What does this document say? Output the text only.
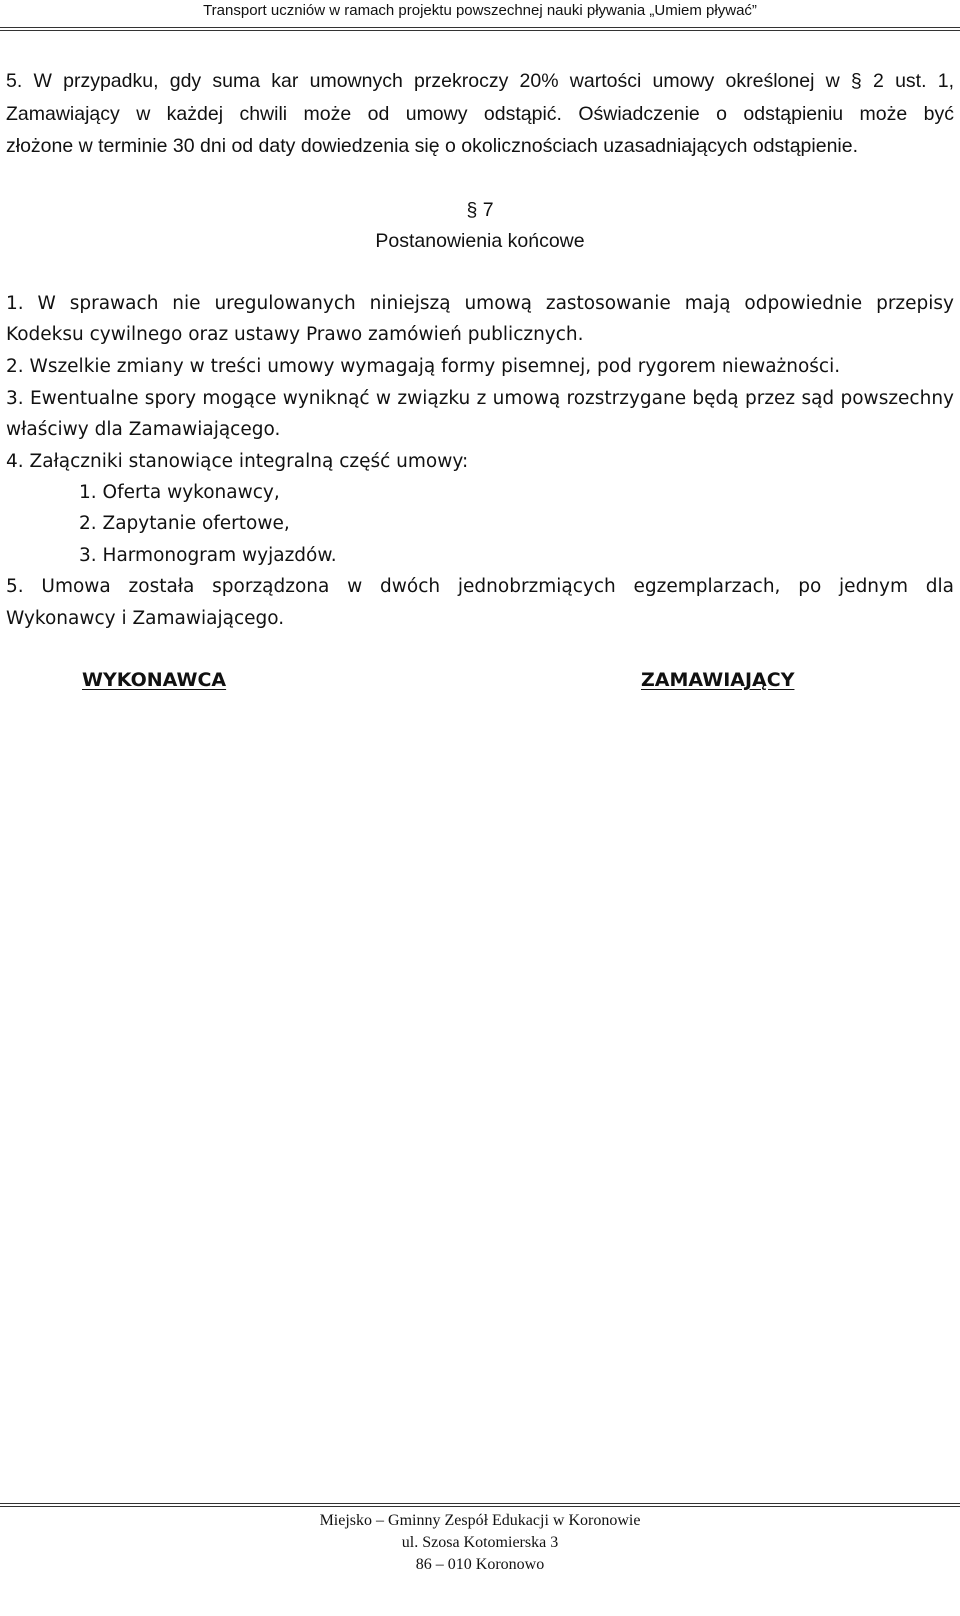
Transport uczniów w ramach projektu powszechnej nauki pływania „Umiem pływać”
5. W przypadku, gdy suma kar umownych przekroczy 20% wartości umowy określonej w § 2 ust. 1,
Zamawiający w każdej chwili może od umowy odstąpić. Oświadczenie o odstąpieniu może być
złożone w terminie 30 dni od daty dowiedzenia się o okolicznościach uzasadniających odstąpienie.
§ 7
Postanowienia końcowe
1. W sprawach nie uregulowanych niniejszą umową zastosowanie mają odpowiednie przepisy
Kodeksu cywilnego oraz ustawy Prawo zamówień publicznych.
2. Wszelkie zmiany w treści umowy wymagają formy pisemnej, pod rygorem nieważności.
3. Ewentualne spory mogące wyniknąć w związku z umową rozstrzygane będą przez sąd powszechny
właściwy dla Zamawiającego.
4. Załączniki stanowiące integralną część umowy:
1. Oferta wykonawcy,
2. Zapytanie ofertowe,
3. Harmonogram wyjazdów.
5. Umowa została sporządzona w dwóch jednobrzmiących egzemplarzach, po jednym dla
Wykonawcy i Zamawiającego.
WYKONAWCA	ZAMAWIAJĄCY
Miejsko – Gminny Zespół Edukacji w Koronowie
ul. Szosa Kotomierska 3
86 – 010 Koronowo
